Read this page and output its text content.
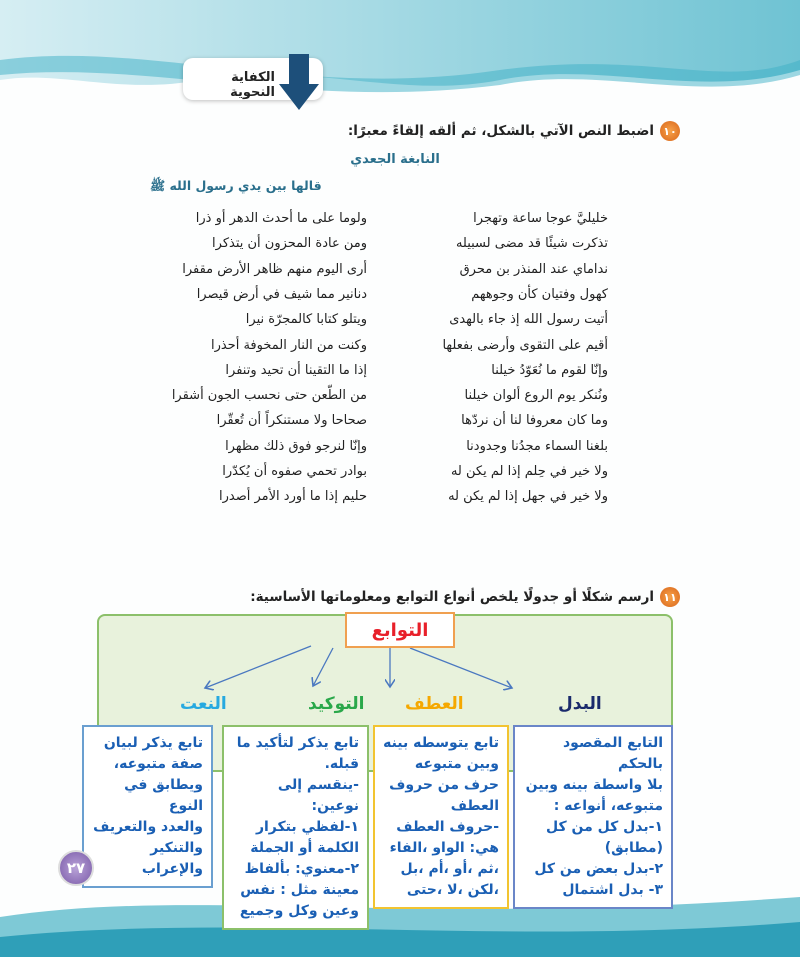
الكفاية النحوية
١٠
اضبط النص الآتي بالشكل، ثم ألقه إلقاءً معبرًا:
النابغة الجعدي
قالها بين يدي رسول الله ﷺ
خليليَّ عوجا ساعة وتهجرا
ولوما على ما أحدث الدهر أو ذرا
تذكرت شيئًا قد مضى لسبيله
ومن عادة المحزون أن يتذكرا
نداماي عند المنذر بن محرق
أرى اليوم منهم ظاهر الأرض مقفرا
كهول وفتيان كأن وجوههم
دنانير مما شيف في أرض قيصرا
أتيت رسول الله إذ جاء بالهدى
ويتلو كتابا كالمجرّة نيرا
أقيم على التقوى وأرضى بفعلها
وكنت من النار المخوفة أحذرا
وإنّا لقوم ما نُعَوّدُ خيلنا
إذا ما التقينا أن تحيد وتنفرا
ونُنكر يوم الروع ألوان خيلنا
من الطّعن حتى نحسب الجون أشقرا
وما كان معروفا لنا أن نردّها
صحاحا ولا مستنكراً أن تُعقّرا
بلغنا السماء مجدُنا وجدودنا
وإنّا لنرجو فوق ذلك مظهرا
ولا خير في حِلم إذا لم يكن له
بوادر تحمي صفوه أن يُكدّرا
ولا خير في جهل إذا لم يكن له
حليم إذا ما أورد الأمر أصدرا
١١
ارسم شكلًا أو جدولًا يلخص أنواع التوابع ومعلوماتها الأساسية:
التوابع
البدل
التابع المقصود بالحكم
بلا واسطة بينه وبين
متبوعه، أنواعه :
١-بدل كل من كل
(مطابق)
٢-بدل بعض من كل
٣- بدل اشتمال
العطف
تابع يتوسطه بينه
وبين متبوعه
حرف من حروف
العطف
-حروف العطف
هي: الواو ،الفاء
،ثم ،أو ،أم ،بل
،لكن ،لا ،حتى
التوكيد
تابع يذكر لتأكيد ما
قبله.
-ينقسم إلى نوعين:
١-لفظي بتكرار
الكلمة أو الجملة
٢-معنوي: بألفاظ
معينة مثل : نفس
وعين وكل وجميع
النعت
تابع يذكر لبيان
صفة متبوعه،
ويطابق في النوع
والعدد والتعريف
والتنكير
والإعراب
٢٧
